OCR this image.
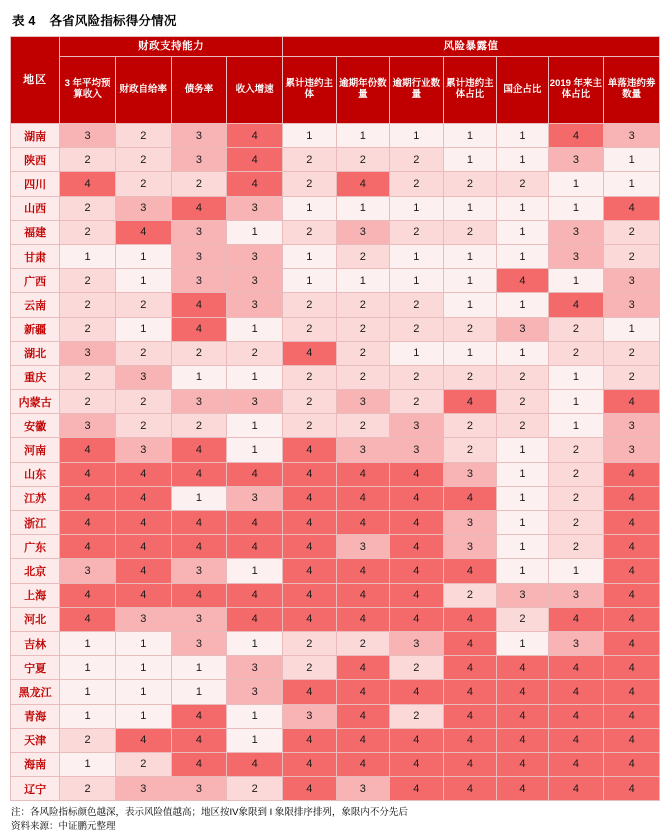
表 4 各省风险指标得分情况
地区	财政支持能力				风险暴露值						
	3 年平均预算收入	财政自给率	债务率	收入增速	累计违约主体	逾期年份数量	逾期行业数量	累计违约主体占比	国企占比	2019 年来主体占比	单落违约劵数量
湖南	3	2	3	4	1	1	1	1	1	4	3
陕西	2	2	3	4	2	2	2	1	1	3	1
四川	4	2	2	4	2	4	2	2	2	1	1
山西	2	3	4	3	1	1	1	1	1	1	4
福建	2	4	3	1	2	3	2	2	1	3	2
甘肃	1	1	3	3	1	2	1	1	1	3	2
广西	2	1	3	3	1	1	1	1	4	1	3
云南	2	2	4	3	2	2	2	1	1	4	3
新疆	2	1	4	1	2	2	2	2	3	2	1
湖北	3	2	2	2	4	2	1	1	1	2	2
重庆	2	3	1	1	2	2	2	2	2	1	2
内蒙古	2	2	3	3	2	3	2	4	2	1	4
安徽	3	2	2	1	2	2	3	2	2	1	3
河南	4	3	4	1	4	3	3	2	1	2	3
山东	4	4	4	4	4	4	4	3	1	2	4
江苏	4	4	1	3	4	4	4	4	1	2	4
浙江	4	4	4	4	4	4	4	3	1	2	4
广东	4	4	4	4	4	3	4	3	1	2	4
北京	3	4	3	1	4	4	4	4	1	1	4
上海	4	4	4	4	4	4	4	2	3	3	4
河北	4	3	3	4	4	4	4	4	2	4	4
吉林	1	1	3	1	2	2	3	4	1	3	4
宁夏	1	1	1	3	2	4	2	4	4	4	4
黑龙江	1	1	1	3	4	4	4	4	4	4	4
青海	1	1	4	1	3	4	2	4	4	4	4
天津	2	4	4	1	4	4	4	4	4	4	4
海南	1	2	4	4	4	4	4	4	4	4	4
辽宁	2	3	3	2	4	3	4	4	4	4	4
注：各风险指标颜色越深，表示风险值越高；地区按IV象限到 I 象限排序排列，象限内不分先后
资料来源：中证鹏元整理
